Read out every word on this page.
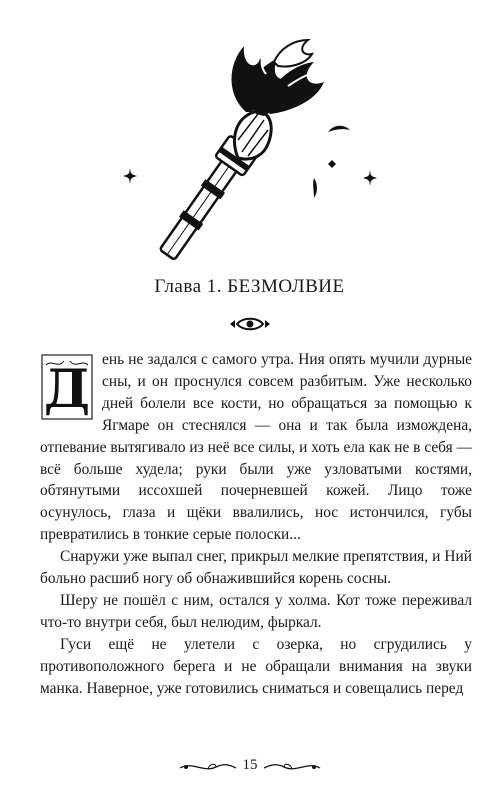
Глава 1. БЕЗМОЛВИЕ

Д ень не задался с самого утра. Ния опять мучили дурные сны, и он проснулся совсем разбитым. Уже несколько дней болели все кости, но обращаться за помощью к Ягмаре он стеснялся — она и так была измождена, отпевание вытягивало из неё все силы, и хоть ела как не в себя — всё больше худела; руки были уже узловатыми костями, обтянутыми иссохшей почерневшей кожей. Лицо тоже осунулось, глаза и щёки ввалились, нос истончился, губы превратились в тонкие серые полоски...

Снаружи уже выпал снег, прикрыл мелкие препятствия, и Ний больно расшиб ногу об обнажившийся корень сосны.

Шеру не пошёл с ним, остался у холма. Кот тоже переживал что-то внутри себя, был нелюдим, фыркал.

Гуси ещё не улетели с озерка, но сгрудились у противоположного берега и не обращали внимания на звуки манка. Наверное, уже готовились сниматься и совещались перед

15
